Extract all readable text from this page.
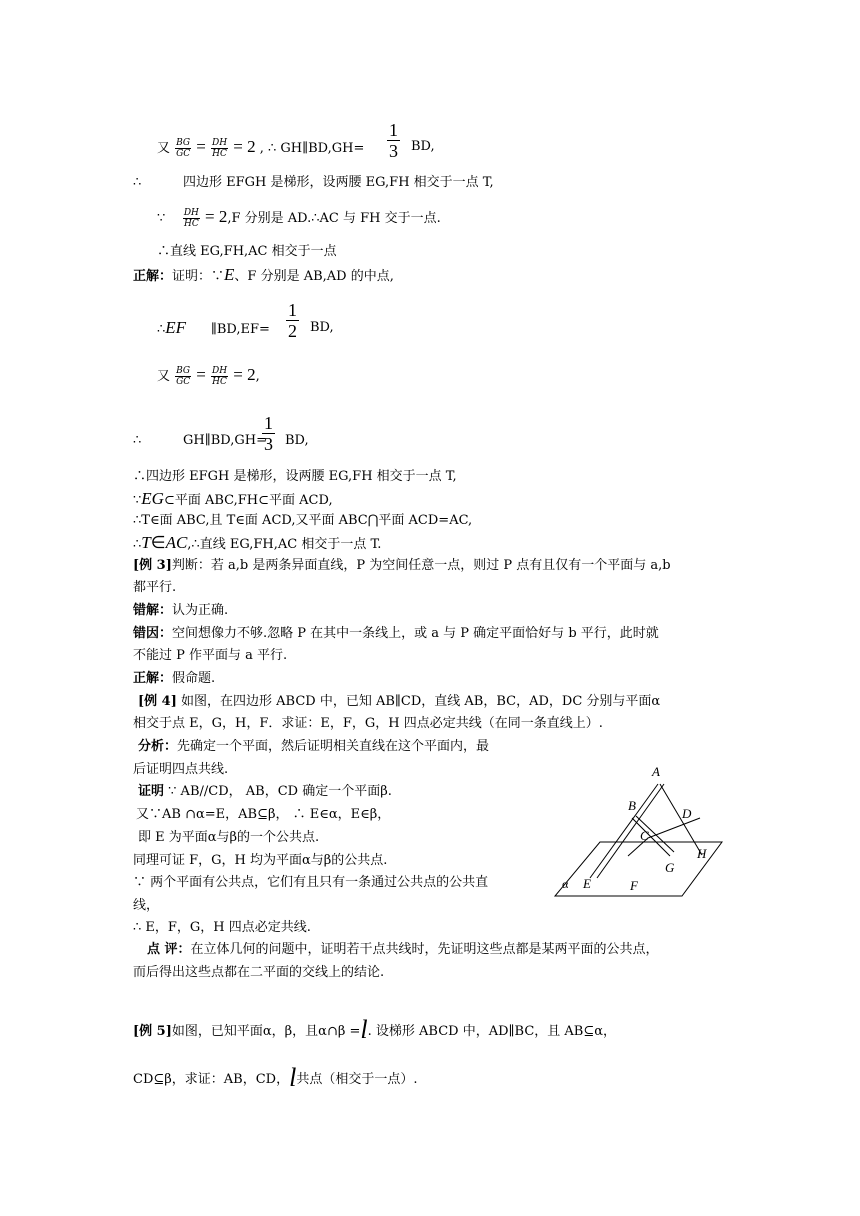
又 $\frac{BG}{GC} = \frac{DH}{HC} = 2$ , ∴ GH∥BD,GH= $\frac{1}{3}$ BD,
∴	四边形 EFGH 是梯形，设两腰 EG,FH 相交于一点 T,
∵ $\frac{DH}{HC} = 2,F$ 分别是 AD.∴AC 与 FH 交于一点.
∴直线 EG,FH,AC 相交于一点
正解：证明：∵E、F 分别是 AB,AD 的中点,
∴EF ∥BD,EF= $\frac{1}{2}$ BD,
又 $\frac{BG}{GC} = \frac{DH}{HC} = 2$,
∴	GH∥BD,GH=
$\frac{1}{3}$ BD,
∴四边形 EFGH 是梯形，设两腰 EG,FH 相交于一点 T,
∵EG⊂平面 ABC,FH⊂平面 ACD,
∴T∈面 ABC,且 T∈面 ACD,又平面 ABC⋂平面 ACD=AC,
∴T∈AC,∴直线 EG,FH,AC 相交于一点 T.
[例 3]判断：若 a,b 是两条异面直线，P 为空间任意一点，则过 P 点有且仅有一个平面与 a,b
都平行.
错解：认为正确.
错因：空间想像力不够.忽略 P 在其中一条线上，或 a 与 P 确定平面恰好与 b 平行，此时就
不能过 P 作平面与 a 平行.
正解：假命题.
[例 4] 如图，在四边形 ABCD 中，已知 AB∥CD，直线 AB，BC，AD，DC 分别与平面α
相交于点 E，G，H，F．求证：E，F，G，H 四点必定共线（在同一条直线上）.
分析：先确定一个平面，然后证明相关直线在这个平面内，最
后证明四点共线.
证明 ∵ AB//CD， AB，CD 确定一个平面β.
又∵AB ∩α=E，AB⊆β， ∴ E∈α，E∈β，
即 E 为平面α与β的一个公共点.
同理可证 F，G，H 均为平面α与β的公共点.
∵ 两个平面有公共点，它们有且只有一条通过公共点的公共直
线，
∴ E，F，G，H 四点必定共线.
点 评：在立体几何的问题中，证明若干点共线时，先证明这些点都是某两平面的公共点，
而后得出这些点都在二平面的交线上的结论.
[例 5]如图，已知平面α，β，且α∩β =l. 设梯形 ABCD 中，AD∥BC，且 AB⊆α，
CD⊆β，求证：AB，CD，l共点（相交于一点）.
A
B
D
C
G
H
E	F
α
